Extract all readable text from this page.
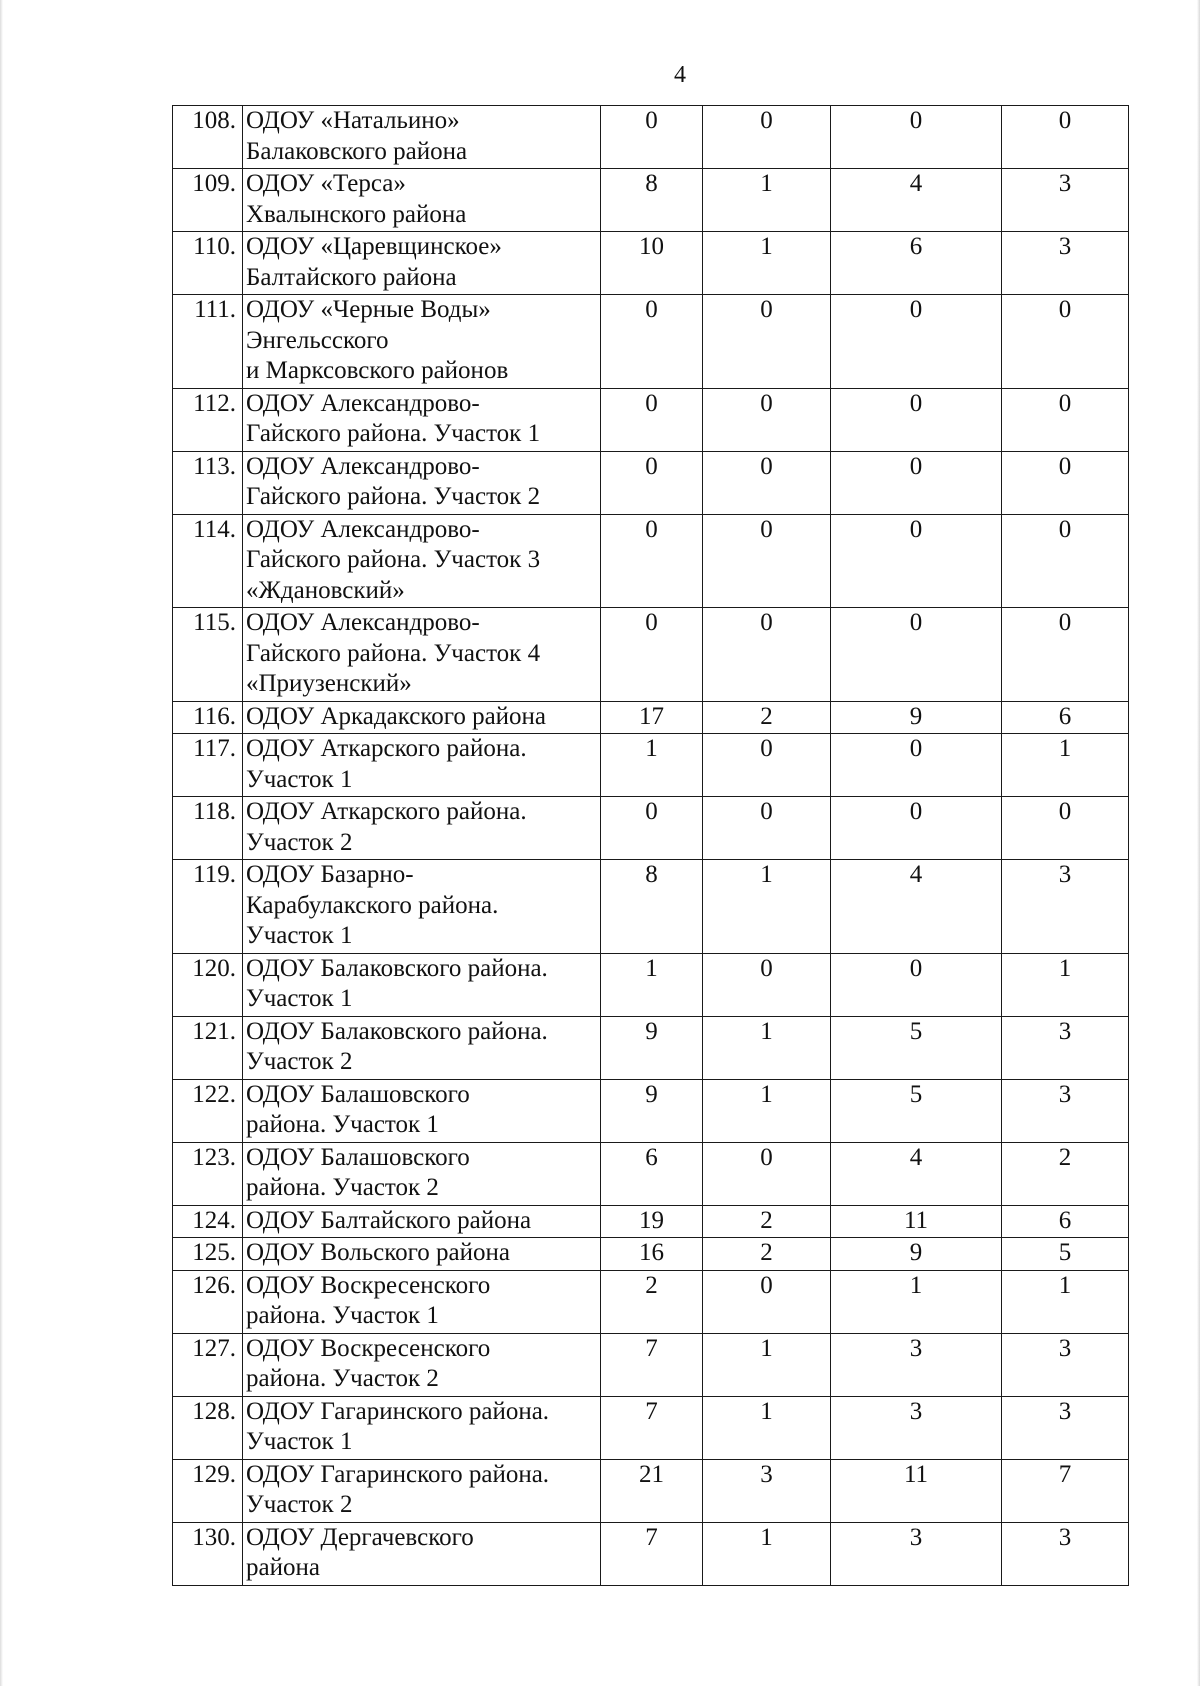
4
108.	ОДОУ «Натальино»
Балаковского района	0	0	0	0
109.	ОДОУ «Терса»
Хвалынского района	8	1	4	3
110.	ОДОУ «Царевщинское»
Балтайского района	10	1	6	3
111.	ОДОУ «Черные Воды»
Энгельсского
и Марксовского районов	0	0	0	0
112.	ОДОУ Александрово-
Гайского района. Участок 1	0	0	0	0
113.	ОДОУ Александрово-
Гайского района. Участок 2	0	0	0	0
114.	ОДОУ Александрово-
Гайского района. Участок 3
«Ждановский»	0	0	0	0
115.	ОДОУ Александрово-
Гайского района. Участок 4
«Приузенский»	0	0	0	0
116.	ОДОУ Аркадакского района	17	2	9	6
117.	ОДОУ Аткарского района.
Участок 1	1	0	0	1
118.	ОДОУ Аткарского района.
Участок 2	0	0	0	0
119.	ОДОУ Базарно-
Карабулакского района.
Участок 1	8	1	4	3
120.	ОДОУ Балаковского района.
Участок 1	1	0	0	1
121.	ОДОУ Балаковского района.
Участок 2	9	1	5	3
122.	ОДОУ Балашовского
района. Участок 1	9	1	5	3
123.	ОДОУ Балашовского
района. Участок 2	6	0	4	2
124.	ОДОУ Балтайского района	19	2	11	6
125.	ОДОУ Вольского района	16	2	9	5
126.	ОДОУ Воскресенского
района. Участок 1	2	0	1	1
127.	ОДОУ Воскресенского
района. Участок 2	7	1	3	3
128.	ОДОУ Гагаринского района.
Участок 1	7	1	3	3
129.	ОДОУ Гагаринского района.
Участок 2	21	3	11	7
130.	ОДОУ Дергачевского
района	7	1	3	3
